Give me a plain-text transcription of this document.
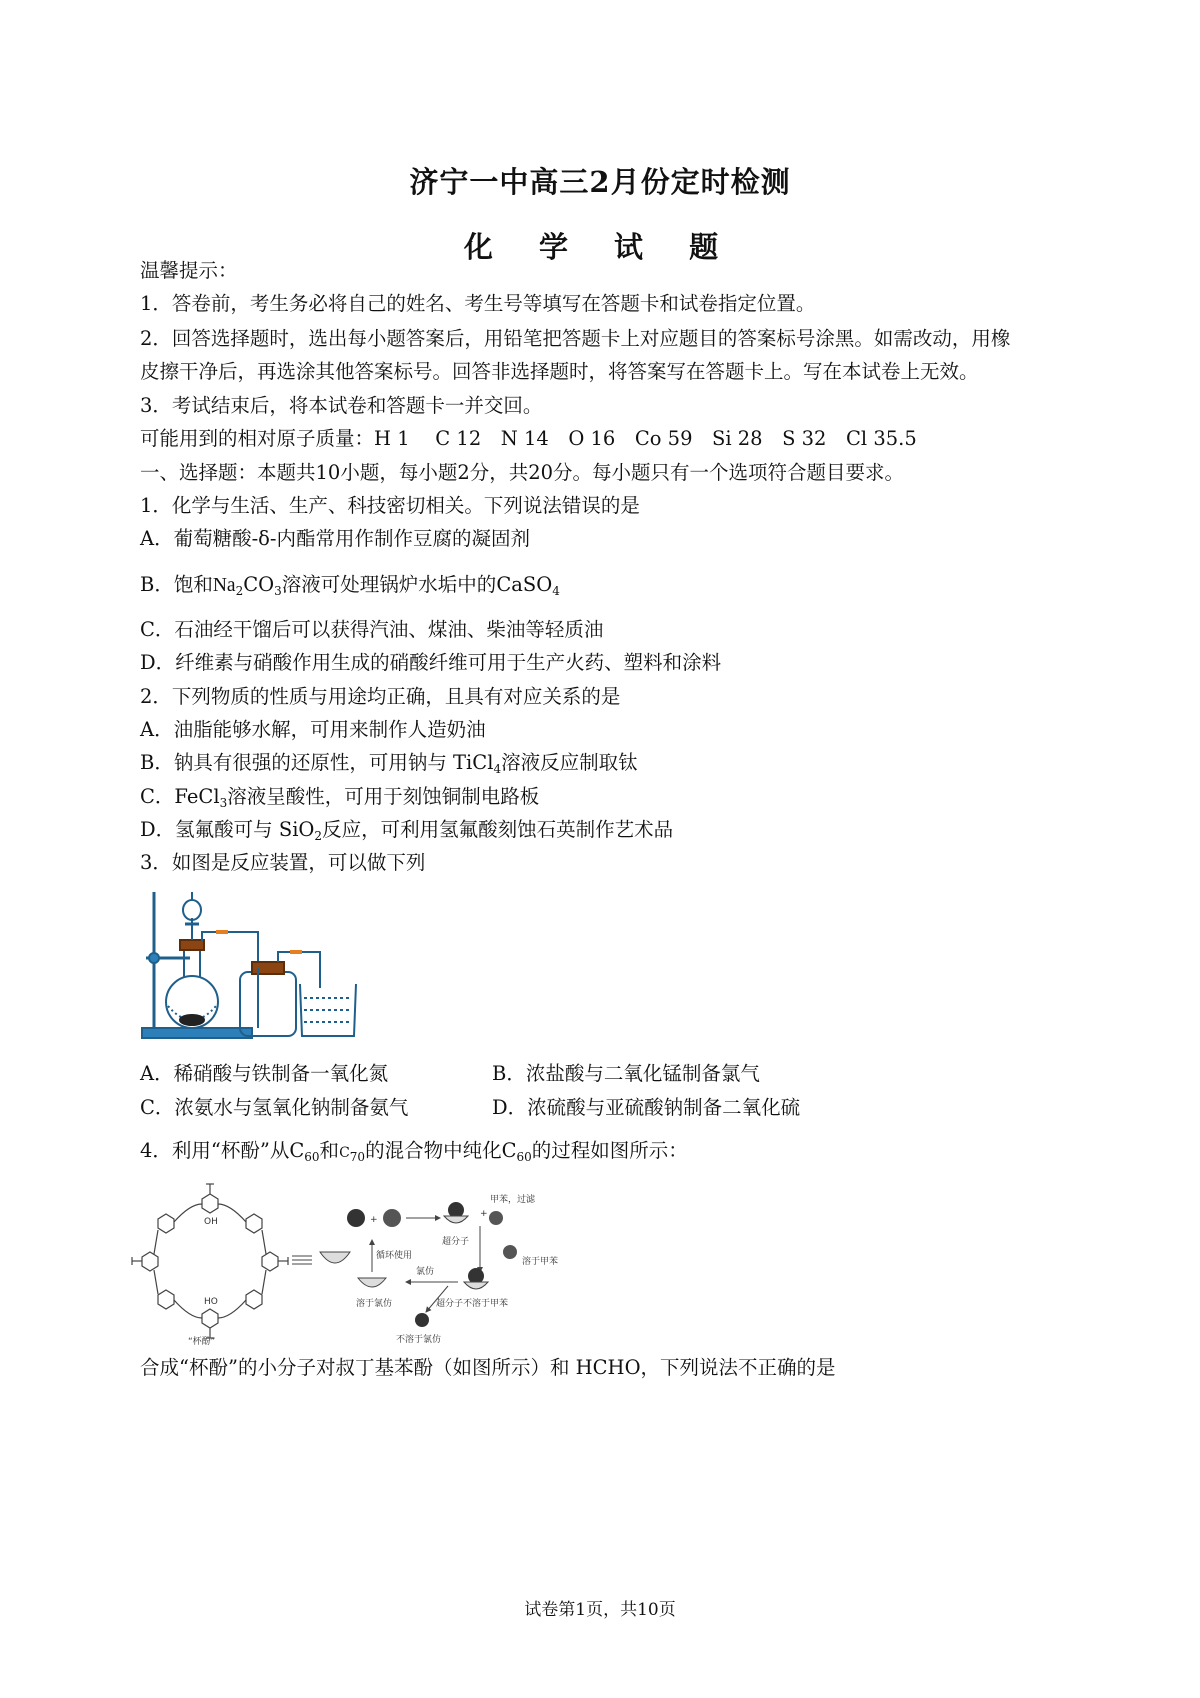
济宁一中高三2月份定时检测
化 学 试 题
温馨提示：
1．答卷前，考生务必将自己的姓名、考生号等填写在答题卡和试卷指定位置。
2．回答选择题时，选出每小题答案后，用铅笔把答题卡上对应题目的答案标号涂黑。如需改动，用橡
皮擦干净后，再选涂其他答案标号。回答非选择题时，将答案写在答题卡上。写在本试卷上无效。
3．考试结束后，将本试卷和答题卡一并交回。
可能用到的相对原子质量：H 1　 C 12　N 14　O 16　Co 59　Si 28　S 32　Cl 35.5
一、选择题：本题共10小题，每小题2分，共20分。每小题只有一个选项符合题目要求。
1．化学与生活、生产、科技密切相关。下列说法错误的是
A．葡萄糖酸-δ-内酯常用作制作豆腐的凝固剂
B．饱和$Na_2CO_3$溶液可处理锅炉水垢中的CaSO$_4$
C．石油经干馏后可以获得汽油、煤油、柴油等轻质油
D．纤维素与硝酸作用生成的硝酸纤维可用于生产火药、塑料和涂料
2．下列物质的性质与用途均正确，且具有对应关系的是
A．油脂能够水解，可用来制作人造奶油
B．钠具有很强的还原性，可用钠与 TiCl$_4$溶液反应制取钛
C．FeCl$_3$溶液呈酸性，可用于刻蚀铜制电路板
D．氢氟酸可与 SiO$_2$反应，可利用氢氟酸刻蚀石英制作艺术品
3．如图是反应装置，可以做下列
A．稀硝酸与铁制备一氧化氮	B．浓盐酸与二氧化锰制备氯气
C．浓氨水与氢氧化钠制备氨气	D．浓硫酸与亚硫酸钠制备二氧化硫
4．利用“杯酚”从$C_{60}$和$C_{70}$的混合物中纯化$C_{60}$的过程如图所示：
OH
HO
“杯酚”
+
超分子
+
甲苯，过滤
溶于甲苯
超分子不溶于甲苯
氯仿
溶于氯仿
循环使用
不溶于氯仿
合成“杯酚”的小分子对叔丁基苯酚（如图所示）和 HCHO，下列说法不正确的是
试卷第1页，共10页
